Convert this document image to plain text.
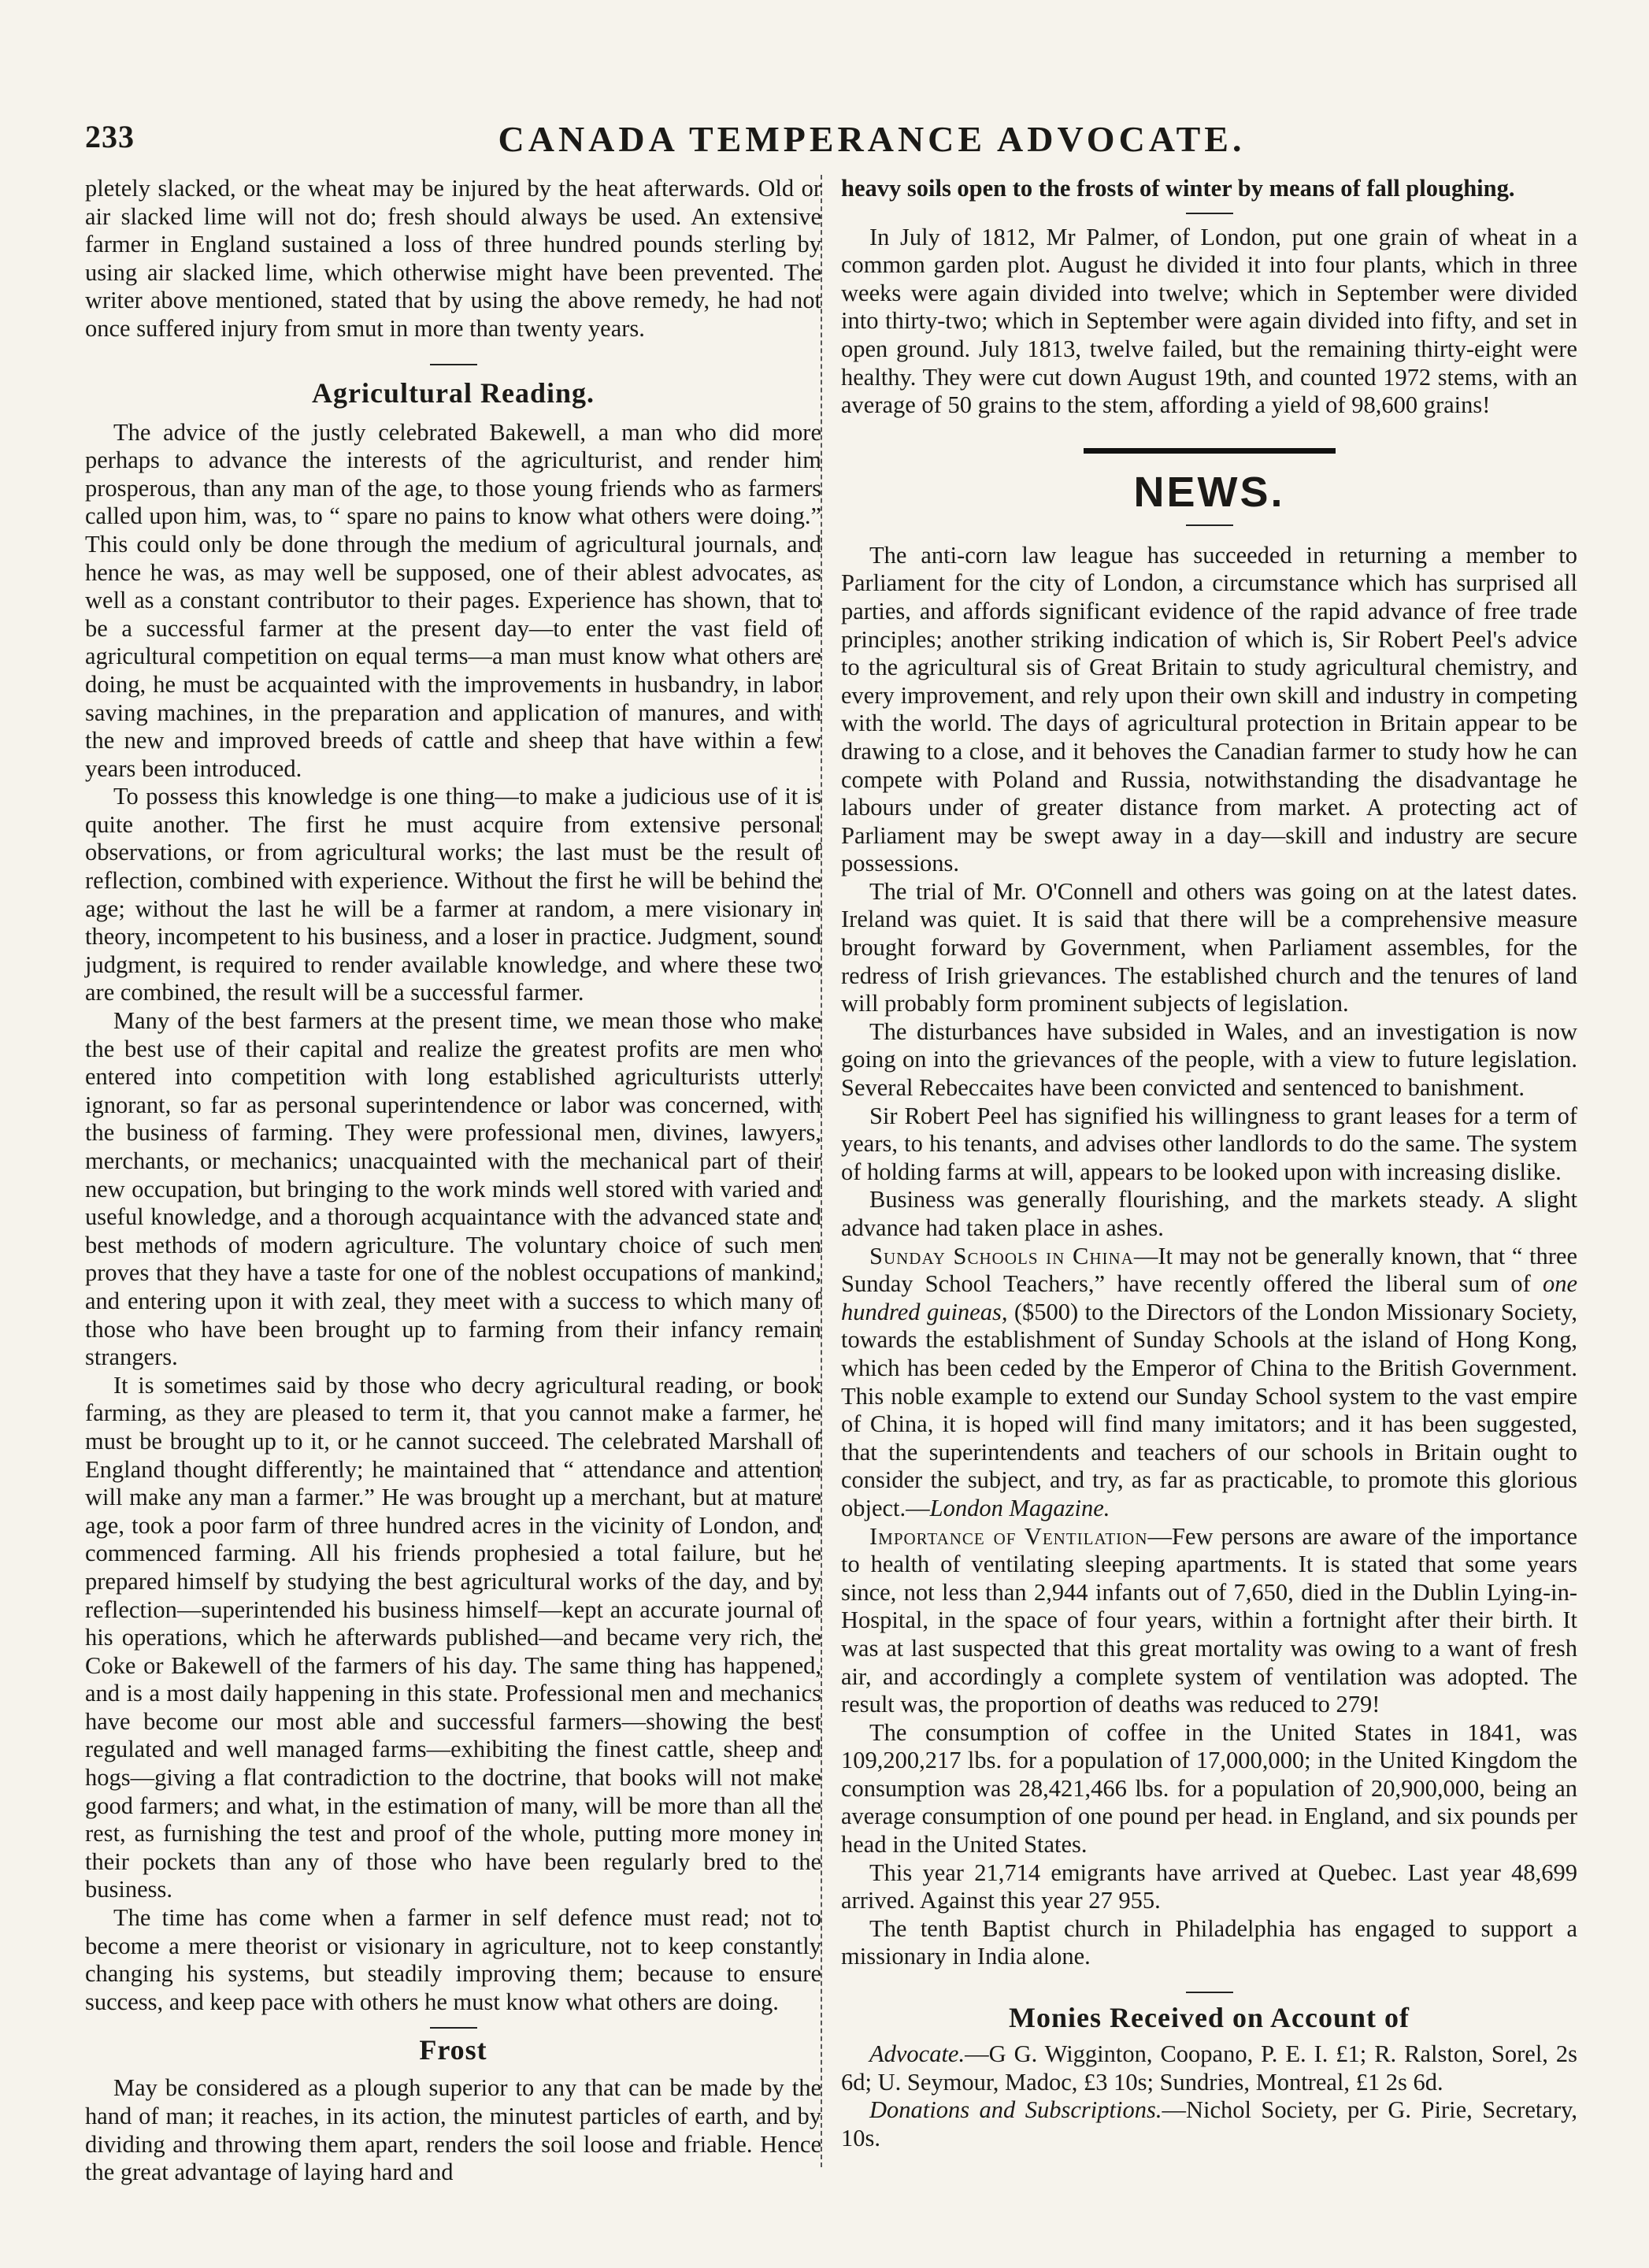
233	CANADA TEMPERANCE ADVOCATE.

pletely slacked, or the wheat may be injured by the heat afterwards. Old or air slacked lime will not do; fresh should always be used. An extensive farmer in England sustained a loss of three hundred pounds sterling by using air slacked lime, which otherwise might have been prevented. The writer above mentioned, stated that by using the above remedy, he had not once suffered injury from smut in more than twenty years.

Agricultural Reading.

The advice of the justly celebrated Bakewell, a man who did more perhaps to advance the interests of the agriculturist, and render him prosperous, than any man of the age, to those young friends who as farmers called upon him, was, to “ spare no pains to know what others were doing.” This could only be done through the medium of agricultural journals, and hence he was, as may well be supposed, one of their ablest advocates, as well as a constant contributor to their pages. Experience has shown, that to be a successful farmer at the present day—to enter the vast field of agricultural competition on equal terms—a man must know what others are doing, he must be acquainted with the improvements in husbandry, in labor saving machines, in the preparation and application of manures, and with the new and improved breeds of cattle and sheep that have within a few years been introduced.

To possess this knowledge is one thing—to make a judicious use of it is quite another. The first he must acquire from extensive personal observations, or from agricultural works; the last must be the result of reflection, combined with experience. Without the first he will be behind the age; without the last he will be a farmer at random, a mere visionary in theory, incompetent to his business, and a loser in practice. Judgment, sound judgment, is required to render available knowledge, and where these two are combined, the result will be a successful farmer.

Many of the best farmers at the present time, we mean those who make the best use of their capital and realize the greatest profits are men who entered into competition with long established agriculturists utterly ignorant, so far as personal superintendence or labor was concerned, with the business of farming. They were professional men, divines, lawyers, merchants, or mechanics; unacquainted with the mechanical part of their new occupation, but bringing to the work minds well stored with varied and useful knowledge, and a thorough acquaintance with the advanced state and best methods of modern agriculture. The voluntary choice of such men proves that they have a taste for one of the noblest occupations of mankind, and entering upon it with zeal, they meet with a success to which many of those who have been brought up to farming from their infancy remain strangers.

It is sometimes said by those who decry agricultural reading, or book farming, as they are pleased to term it, that you cannot make a farmer, he must be brought up to it, or he cannot succeed. The celebrated Marshall of England thought differently; he maintained that “ attendance and attention will make any man a farmer.” He was brought up a merchant, but at mature age, took a poor farm of three hundred acres in the vicinity of London, and commenced farming. All his friends prophesied a total failure, but he prepared himself by studying the best agricultural works of the day, and by reflection—superintended his business himself—kept an accurate journal of his operations, which he afterwards published—and became very rich, the Coke or Bakewell of the farmers of his day. The same thing has happened, and is a most daily happening in this state. Professional men and mechanics have become our most able and successful farmers—showing the best regulated and well managed farms—exhibiting the finest cattle, sheep and hogs—giving a flat contradiction to the doctrine, that books will not make good farmers; and what, in the estimation of many, will be more than all the rest, as furnishing the test and proof of the whole, putting more money in their pockets than any of those who have been regularly bred to the business.

The time has come when a farmer in self defence must read; not to become a mere theorist or visionary in agriculture, not to keep constantly changing his systems, but steadily improving them; because to ensure success, and keep pace with others he must know what others are doing.

Frost

May be considered as a plough superior to any that can be made by the hand of man; it reaches, in its action, the minutest particles of earth, and by dividing and throwing them apart, renders the soil loose and friable. Hence the great advantage of laying hard and

heavy soils open to the frosts of winter by means of fall ploughing.

In July of 1812, Mr Palmer, of London, put one grain of wheat in a common garden plot. August he divided it into four plants, which in three weeks were again divided into twelve; which in September were divided into thirty-two; which in September were again divided into fifty, and set in open ground. July 1813, twelve failed, but the remaining thirty-eight were healthy. They were cut down August 19th, and counted 1972 stems, with an average of 50 grains to the stem, affording a yield of 98,600 grains!

NEWS.

The anti-corn law league has succeeded in returning a member to Parliament for the city of London, a circumstance which has surprised all parties, and affords significant evidence of the rapid advance of free trade principles; another striking indication of which is, Sir Robert Peel's advice to the agricultural sis of Great Britain to study agricultural chemistry, and every improvement, and rely upon their own skill and industry in competing with the world. The days of agricultural protection in Britain appear to be drawing to a close, and it behoves the Canadian farmer to study how he can compete with Poland and Russia, notwithstanding the disadvantage he labours under of greater distance from market. A protecting act of Parliament may be swept away in a day—skill and industry are secure possessions.

The trial of Mr. O'Connell and others was going on at the latest dates. Ireland was quiet. It is said that there will be a comprehensive measure brought forward by Government, when Parliament assembles, for the redress of Irish grievances. The established church and the tenures of land will probably form prominent subjects of legislation.

The disturbances have subsided in Wales, and an investigation is now going on into the grievances of the people, with a view to future legislation. Several Rebeccaites have been convicted and sentenced to banishment.

Sir Robert Peel has signified his willingness to grant leases for a term of years, to his tenants, and advises other landlords to do the same. The system of holding farms at will, appears to be looked upon with increasing dislike.

Business was generally flourishing, and the markets steady. A slight advance had taken place in ashes.

Sunday Schools in China—It may not be generally known, that “ three Sunday School Teachers,” have recently offered the liberal sum of one hundred guineas, ($500) to the Directors of the London Missionary Society, towards the establishment of Sunday Schools at the island of Hong Kong, which has been ceded by the Emperor of China to the British Government. This noble example to extend our Sunday School system to the vast empire of China, it is hoped will find many imitators; and it has been suggested, that the superintendents and teachers of our schools in Britain ought to consider the subject, and try, as far as practicable, to promote this glorious object.—London Magazine.

Importance of Ventilation—Few persons are aware of the importance to health of ventilating sleeping apartments. It is stated that some years since, not less than 2,944 infants out of 7,650, died in the Dublin Lying-in-Hospital, in the space of four years, within a fortnight after their birth. It was at last suspected that this great mortality was owing to a want of fresh air, and accordingly a complete system of ventilation was adopted. The result was, the proportion of deaths was reduced to 279!

The consumption of coffee in the United States in 1841, was 109,200,217 lbs. for a population of 17,000,000; in the United Kingdom the consumption was 28,421,466 lbs. for a population of 20,900,000, being an average consumption of one pound per head. in England, and six pounds per head in the United States.

This year 21,714 emigrants have arrived at Quebec. Last year 48,699 arrived. Against this year 27 955.

The tenth Baptist church in Philadelphia has engaged to support a missionary in India alone.

Monies Received on Account of

Advocate.—G G. Wigginton, Coopano, P. E. I. £1; R. Ralston, Sorel, 2s 6d; U. Seymour, Madoc, £3 10s; Sundries, Montreal, £1 2s 6d.

Donations and Subscriptions.—Nichol Society, per G. Pirie, Secretary, 10s.
